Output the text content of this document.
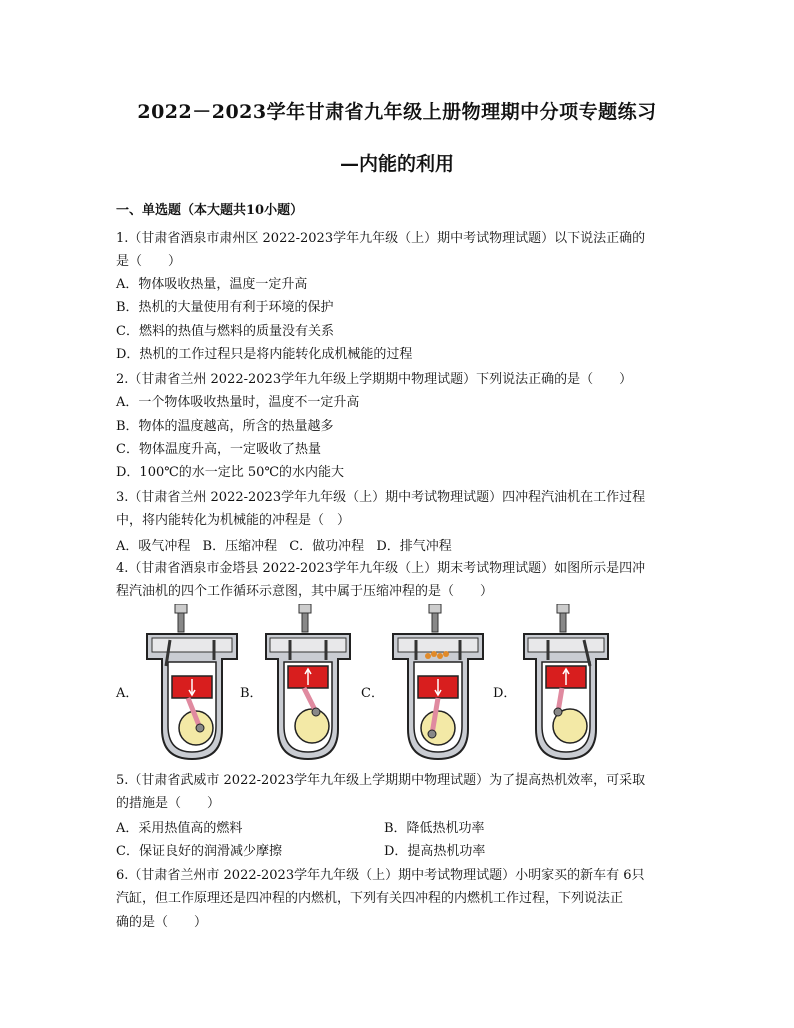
2022－2023学年甘肃省九年级上册物理期中分项专题练习
—内能的利用
一、单选题（本大题共10小题）
1.（甘肃省酒泉市肃州区 2022-2023学年九年级（上）期中考试物理试题）以下说法正确的
是（　　）
A．物体吸收热量，温度一定升高
B．热机的大量使用有利于环境的保护
C．燃料的热值与燃料的质量没有关系
D．热机的工作过程只是将内能转化成机械能的过程
2.（甘肃省兰州 2022-2023学年九年级上学期期中物理试题）下列说法正确的是（　　）
A．一个物体吸收热量时，温度不一定升高
B．物体的温度越高，所含的热量越多
C．物体温度升高，一定吸收了热量
D．100℃的水一定比 50℃的水内能大
3.（甘肃省兰州 2022-2023学年九年级（上）期中考试物理试题）四冲程汽油机在工作过程
中，将内能转化为机械能的冲程是（　）
A．吸气冲程 B．压缩冲程 C．做功冲程 D．排气冲程
4.（甘肃省酒泉市金塔县 2022-2023学年九年级（上）期末考试物理试题）如图所示是四冲
程汽油机的四个工作循环示意图，其中属于压缩冲程的是（　　）
A．	B．	C．	D．
5.（甘肃省武威市 2022-2023学年九年级上学期期中物理试题）为了提高热机效率，可采取
的措施是（　　）
A．采用热值高的燃料	B．降低热机功率
C．保证良好的润滑减少摩擦	D．提高热机功率
6.（甘肃省兰州市 2022-2023学年九年级（上）期中考试物理试题）小明家买的新车有 6只
汽缸，但工作原理还是四冲程的内燃机，下列有关四冲程的内燃机工作过程，下列说法正
确的是（　　）
